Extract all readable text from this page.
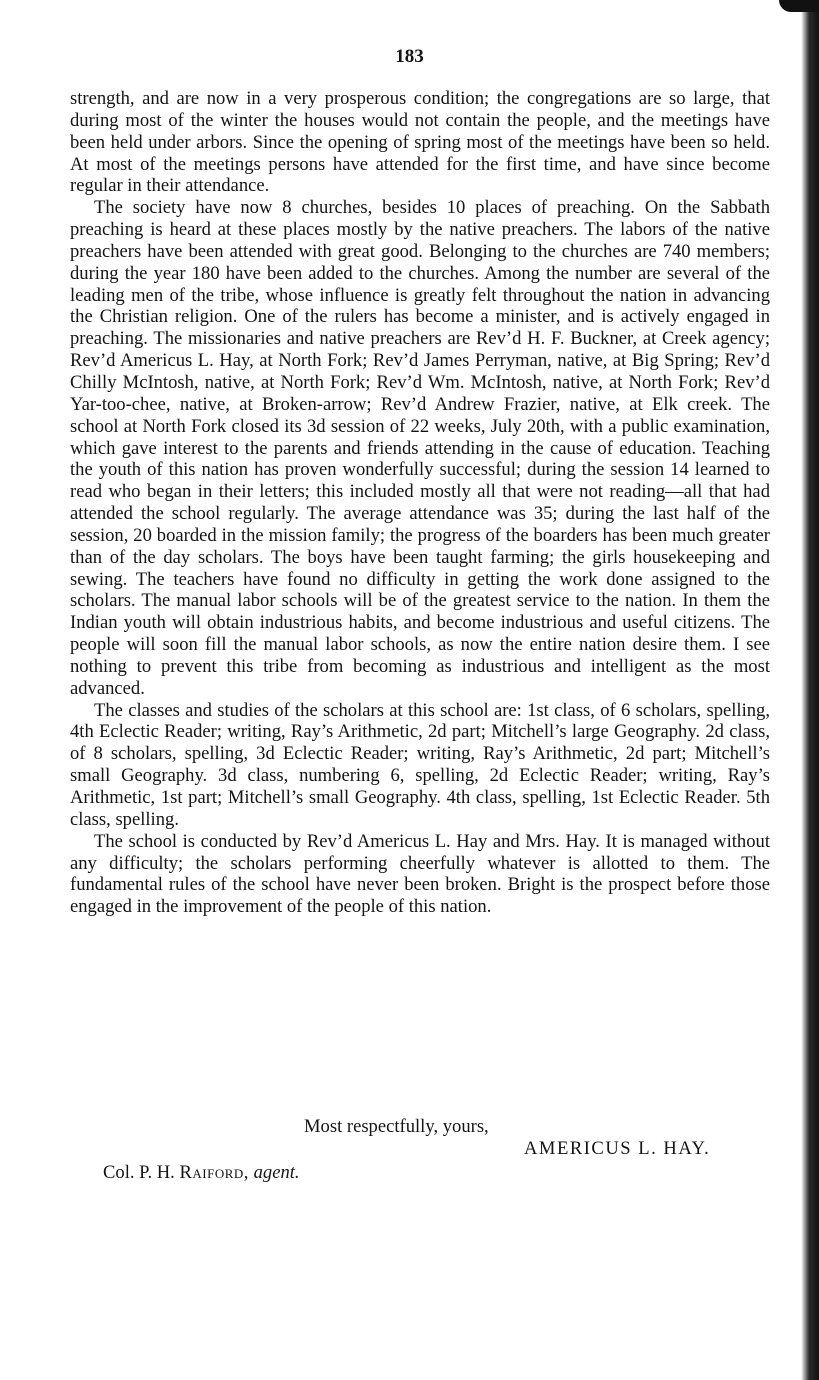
183

strength, and are now in a very prosperous condition; the congregations are so large, that during most of the winter the houses would not contain the people, and the meetings have been held under arbors. Since the opening of spring most of the meetings have been so held. At most of the meetings persons have attended for the first time, and have since become regular in their attendance.

The society have now 8 churches, besides 10 places of preaching. On the Sabbath preaching is heard at these places mostly by the native preachers. The labors of the native preachers have been attended with great good. Belonging to the churches are 740 members; during the year 180 have been added to the churches. Among the number are several of the leading men of the tribe, whose influence is greatly felt throughout the nation in advancing the Christian religion. One of the rulers has become a minister, and is actively engaged in preaching. The missionaries and native preachers are Rev’d H. F. Buckner, at Creek agency; Rev’d Americus L. Hay, at North Fork; Rev’d James Perryman, native, at Big Spring; Rev’d Chilly McIntosh, native, at North Fork; Rev’d Wm. McIntosh, native, at North Fork; Rev’d Yar-too-chee, native, at Broken-arrow; Rev’d Andrew Frazier, native, at Elk creek. The school at North Fork closed its 3d session of 22 weeks, July 20th, with a public examination, which gave interest to the parents and friends attending in the cause of education. Teaching the youth of this nation has proven wonderfully successful; during the session 14 learned to read who began in their letters; this included mostly all that were not reading—all that had attended the school regularly. The average attendance was 35; during the last half of the session, 20 boarded in the mission family; the progress of the boarders has been much greater than of the day scholars. The boys have been taught farming; the girls housekeeping and sewing. The teachers have found no difficulty in getting the work done assigned to the scholars. The manual labor schools will be of the greatest service to the nation. In them the Indian youth will obtain industrious habits, and become industrious and useful citizens. The people will soon fill the manual labor schools, as now the entire nation desire them. I see nothing to prevent this tribe from becoming as industrious and intelligent as the most advanced.

The classes and studies of the scholars at this school are: 1st class, of 6 scholars, spelling, 4th Eclectic Reader; writing, Ray’s Arithmetic, 2d part; Mitchell’s large Geography. 2d class, of 8 scholars, spelling, 3d Eclectic Reader; writing, Ray’s Arithmetic, 2d part; Mitchell’s small Geography. 3d class, numbering 6, spelling, 2d Eclectic Reader; writing, Ray’s Arithmetic, 1st part; Mitchell’s small Geography. 4th class, spelling, 1st Eclectic Reader. 5th class, spelling.

The school is conducted by Rev’d Americus L. Hay and Mrs. Hay. It is managed without any difficulty; the scholars performing cheerfully whatever is allotted to them. The fundamental rules of the school have never been broken. Bright is the prospect before those engaged in the improvement of the people of this nation.

Most respectfully, yours,
AMERICUS L. HAY.
Col. P. H. Raiford, agent.
